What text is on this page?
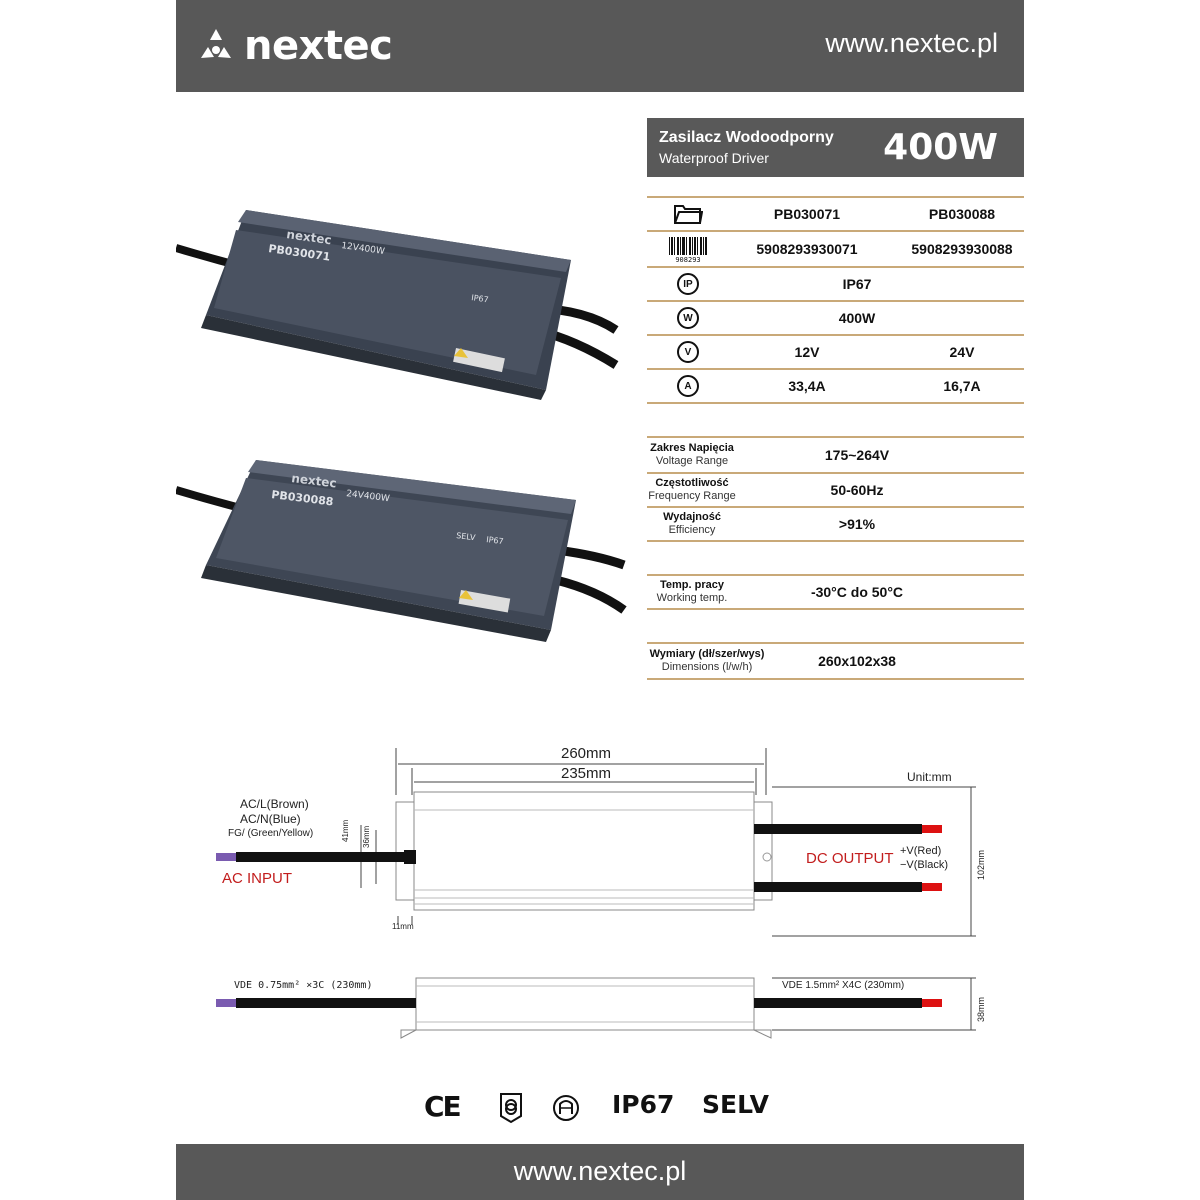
nextec	www.nextec.pl
Zasilacz Wodoodporny
Waterproof Driver	400W
nextec
PB030071 12V400W
IP67
nextec
PB030088 24V400W
SELV IP67
PB030071	PB030088
908293
5908293930071	5908293930088
IP	IP67
W	400W
V	12V	24V
A	33,4A	16,7A
Zakres Napięcia
Voltage Range	175~264V
Częstotliwość
Frequency Range	50-60Hz
Wydajność
Efficiency	>91%
Temp. pracy
Working temp.	-30°C do 50°C
Wymiary (dł/szer/wys)
Dimensions (l/w/h)	260x102x38
260mm
235mm	Unit:mm
AC/L(Brown)
AC/N(Blue)
FG/ (Green/Yellow)
AC INPUT
DC OUTPUT +V(Red)
−V(Black)
41mm 36mm
11mm
102mm
VDE 0.75mm² ×3C (230mm)	VDE 1.5mm² X4C (230mm)
38mm
CE	IP67 SELV
www.nextec.pl
